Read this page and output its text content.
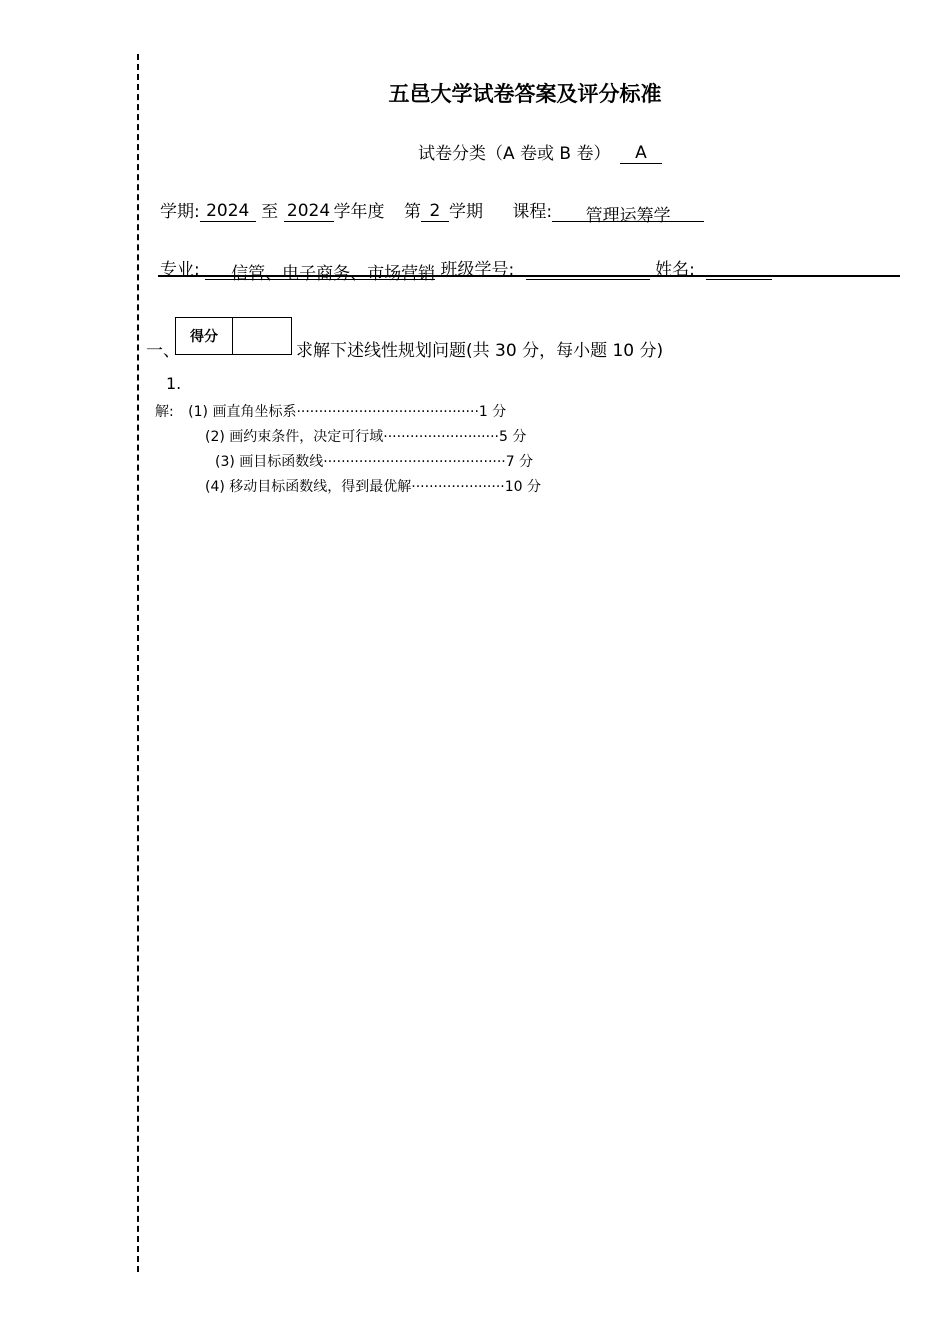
五邑大学试卷答案及评分标准
试卷分类（A 卷或 B 卷） A
学期: 2024 至 2024 学年度 第 2 学期 课程: 管理运筹学
专业: 信管、电子商务、市场营销 班级学号:	姓名:
一、
得分
求解下述线性规划问题(共 30 分，每小题 10 分)
1.
解: (1) 画直角坐标系·········································1 分
(2) 画约束条件，决定可行域··························5 分
(3) 画目标函数线·········································7 分
(4) 移动目标函数线，得到最优解·····················10 分
